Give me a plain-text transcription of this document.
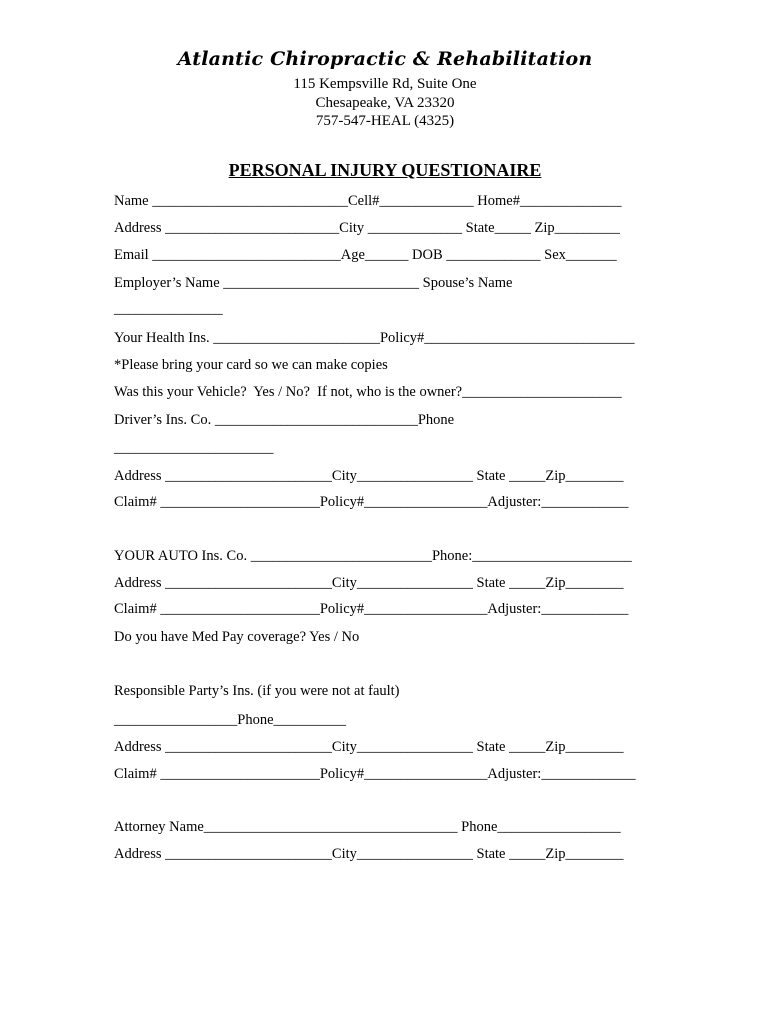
Atlantic Chiropractic & Rehabilitation
115 Kempsville Rd, Suite One
Chesapeake, VA 23320
757-547-HEAL (4325)
PERSONAL INJURY QUESTIONAIRE
Name ___________________________Cell#_____________ Home#______________
Address ________________________City _____________ State_____ Zip_________
Email __________________________Age______ DOB _____________ Sex_______
Employer’s Name ___________________________ Spouse’s Name
_______________
Your Health Ins. _______________________Policy#_____________________________
*Please bring your card so we can make copies
Was this your Vehicle?  Yes / No?  If not, who is the owner?______________________
Driver’s Ins. Co. ____________________________Phone
______________________
Address _______________________City________________ State _____Zip________
Claim# ______________________Policy#_________________Adjuster:____________
YOUR AUTO Ins. Co. _________________________Phone:______________________
Address _______________________City________________ State _____Zip________
Claim# ______________________Policy#_________________Adjuster:____________
Do you have Med Pay coverage? Yes / No
Responsible Party’s Ins. (if you were not at fault)
_________________Phone__________
Address _______________________City________________ State _____Zip________
Claim# ______________________Policy#_________________Adjuster:_____________
Attorney Name___________________________________ Phone_________________
Address _______________________City________________ State _____Zip________
